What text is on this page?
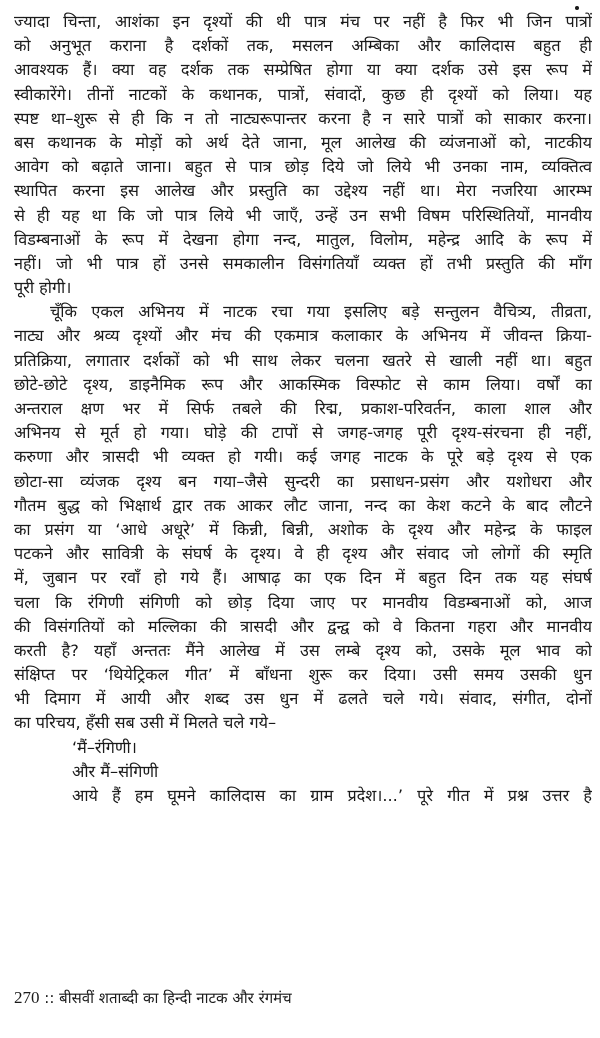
ज्यादा चिन्ता, आशंका इन दृश्यों की थी पात्र मंच पर नहीं है फिर भी जिन पात्रों
को अनुभूत कराना है दर्शकों तक, मसलन अम्बिका और कालिदास बहुत ही
आवश्यक हैं। क्या वह दर्शक तक सम्प्रेषित होगा या क्या दर्शक उसे इस रूप में
स्वीकारेंगे। तीनों नाटकों के कथानक, पात्रों, संवादों, कुछ ही दृश्यों को लिया। यह
स्पष्ट था–शुरू से ही कि न तो नाट्यरूपान्तर करना है न सारे पात्रों को साकार करना।
बस कथानक के मोड़ों को अर्थ देते जाना, मूल आलेख की व्यंजनाओं को, नाटकीय
आवेग को बढ़ाते जाना। बहुत से पात्र छोड़ दिये जो लिये भी उनका नाम, व्यक्तित्व
स्थापित करना इस आलेख और प्रस्तुति का उद्देश्य नहीं था। मेरा नजरिया आरम्भ
से ही यह था कि जो पात्र लिये भी जाएँ, उन्हें उन सभी विषम परिस्थितियों, मानवीय
विडम्बनाओं के रूप में देखना होगा नन्द, मातुल, विलोम, महेन्द्र आदि के रूप में
नहीं। जो भी पात्र हों उनसे समकालीन विसंगतियाँ व्यक्त हों तभी प्रस्तुति की माँग
पूरी होगी।
चूँकि एकल अभिनय में नाटक रचा गया इसलिए बड़े सन्तुलन वैचित्र्य, तीव्रता,
नाट्य और श्रव्य दृश्यों और मंच की एकमात्र कलाकार के अभिनय में जीवन्त क्रिया-
प्रतिक्रिया, लगातार दर्शकों को भी साथ लेकर चलना खतरे से खाली नहीं था। बहुत
छोटे-छोटे दृश्य, डाइनैमिक रूप और आकस्मिक विस्फोट से काम लिया। वर्षों का
अन्तराल क्षण भर में सिर्फ तबले की रिद्म, प्रकाश-परिवर्तन, काला शाल और
अभिनय से मूर्त हो गया। घोड़े की टापों से जगह-जगह पूरी दृश्य-संरचना ही नहीं,
करुणा और त्रासदी भी व्यक्त हो गयी। कई जगह नाटक के पूरे बड़े दृश्य से एक
छोटा-सा व्यंजक दृश्य बन गया–जैसे सुन्दरी का प्रसाधन-प्रसंग और यशोधरा और
गौतम बुद्ध को भिक्षार्थ द्वार तक आकर लौट जाना, नन्द का केश कटने के बाद लौटने
का प्रसंग या ‘आधे अधूरे’ में किन्नी, बिन्नी, अशोक के दृश्य और महेन्द्र के फाइल
पटकने और सावित्री के संघर्ष के दृश्य। वे ही दृश्य और संवाद जो लोगों की स्मृति
में, जुबान पर रवाँ हो गये हैं। आषाढ़ का एक दिन में बहुत दिन तक यह संघर्ष
चला कि रंगिणी संगिणी को छोड़ दिया जाए पर मानवीय विडम्बनाओं को, आज
की विसंगतियों को मल्लिका की त्रासदी और द्वन्द्व को वे कितना गहरा और मानवीय
करती है? यहाँ अन्ततः मैंने आलेख में उस लम्बे दृश्य को, उसके मूल भाव को
संक्षिप्त पर ‘थियेट्रिकल गीत’ में बाँधना शुरू कर दिया। उसी समय उसकी धुन
भी दिमाग में आयी और शब्द उस धुन में ढलते चले गये। संवाद, संगीत, दोनों
का परिचय, हँसी सब उसी में मिलते चले गये–
‘मैं–रंगिणी।
और मैं–संगिणी
आये हैं हम घूमने कालिदास का ग्राम प्रदेश।...’ पूरे गीत में प्रश्न उत्तर है
270 :: बीसवीं शताब्दी का हिन्दी नाटक और रंगमंच
